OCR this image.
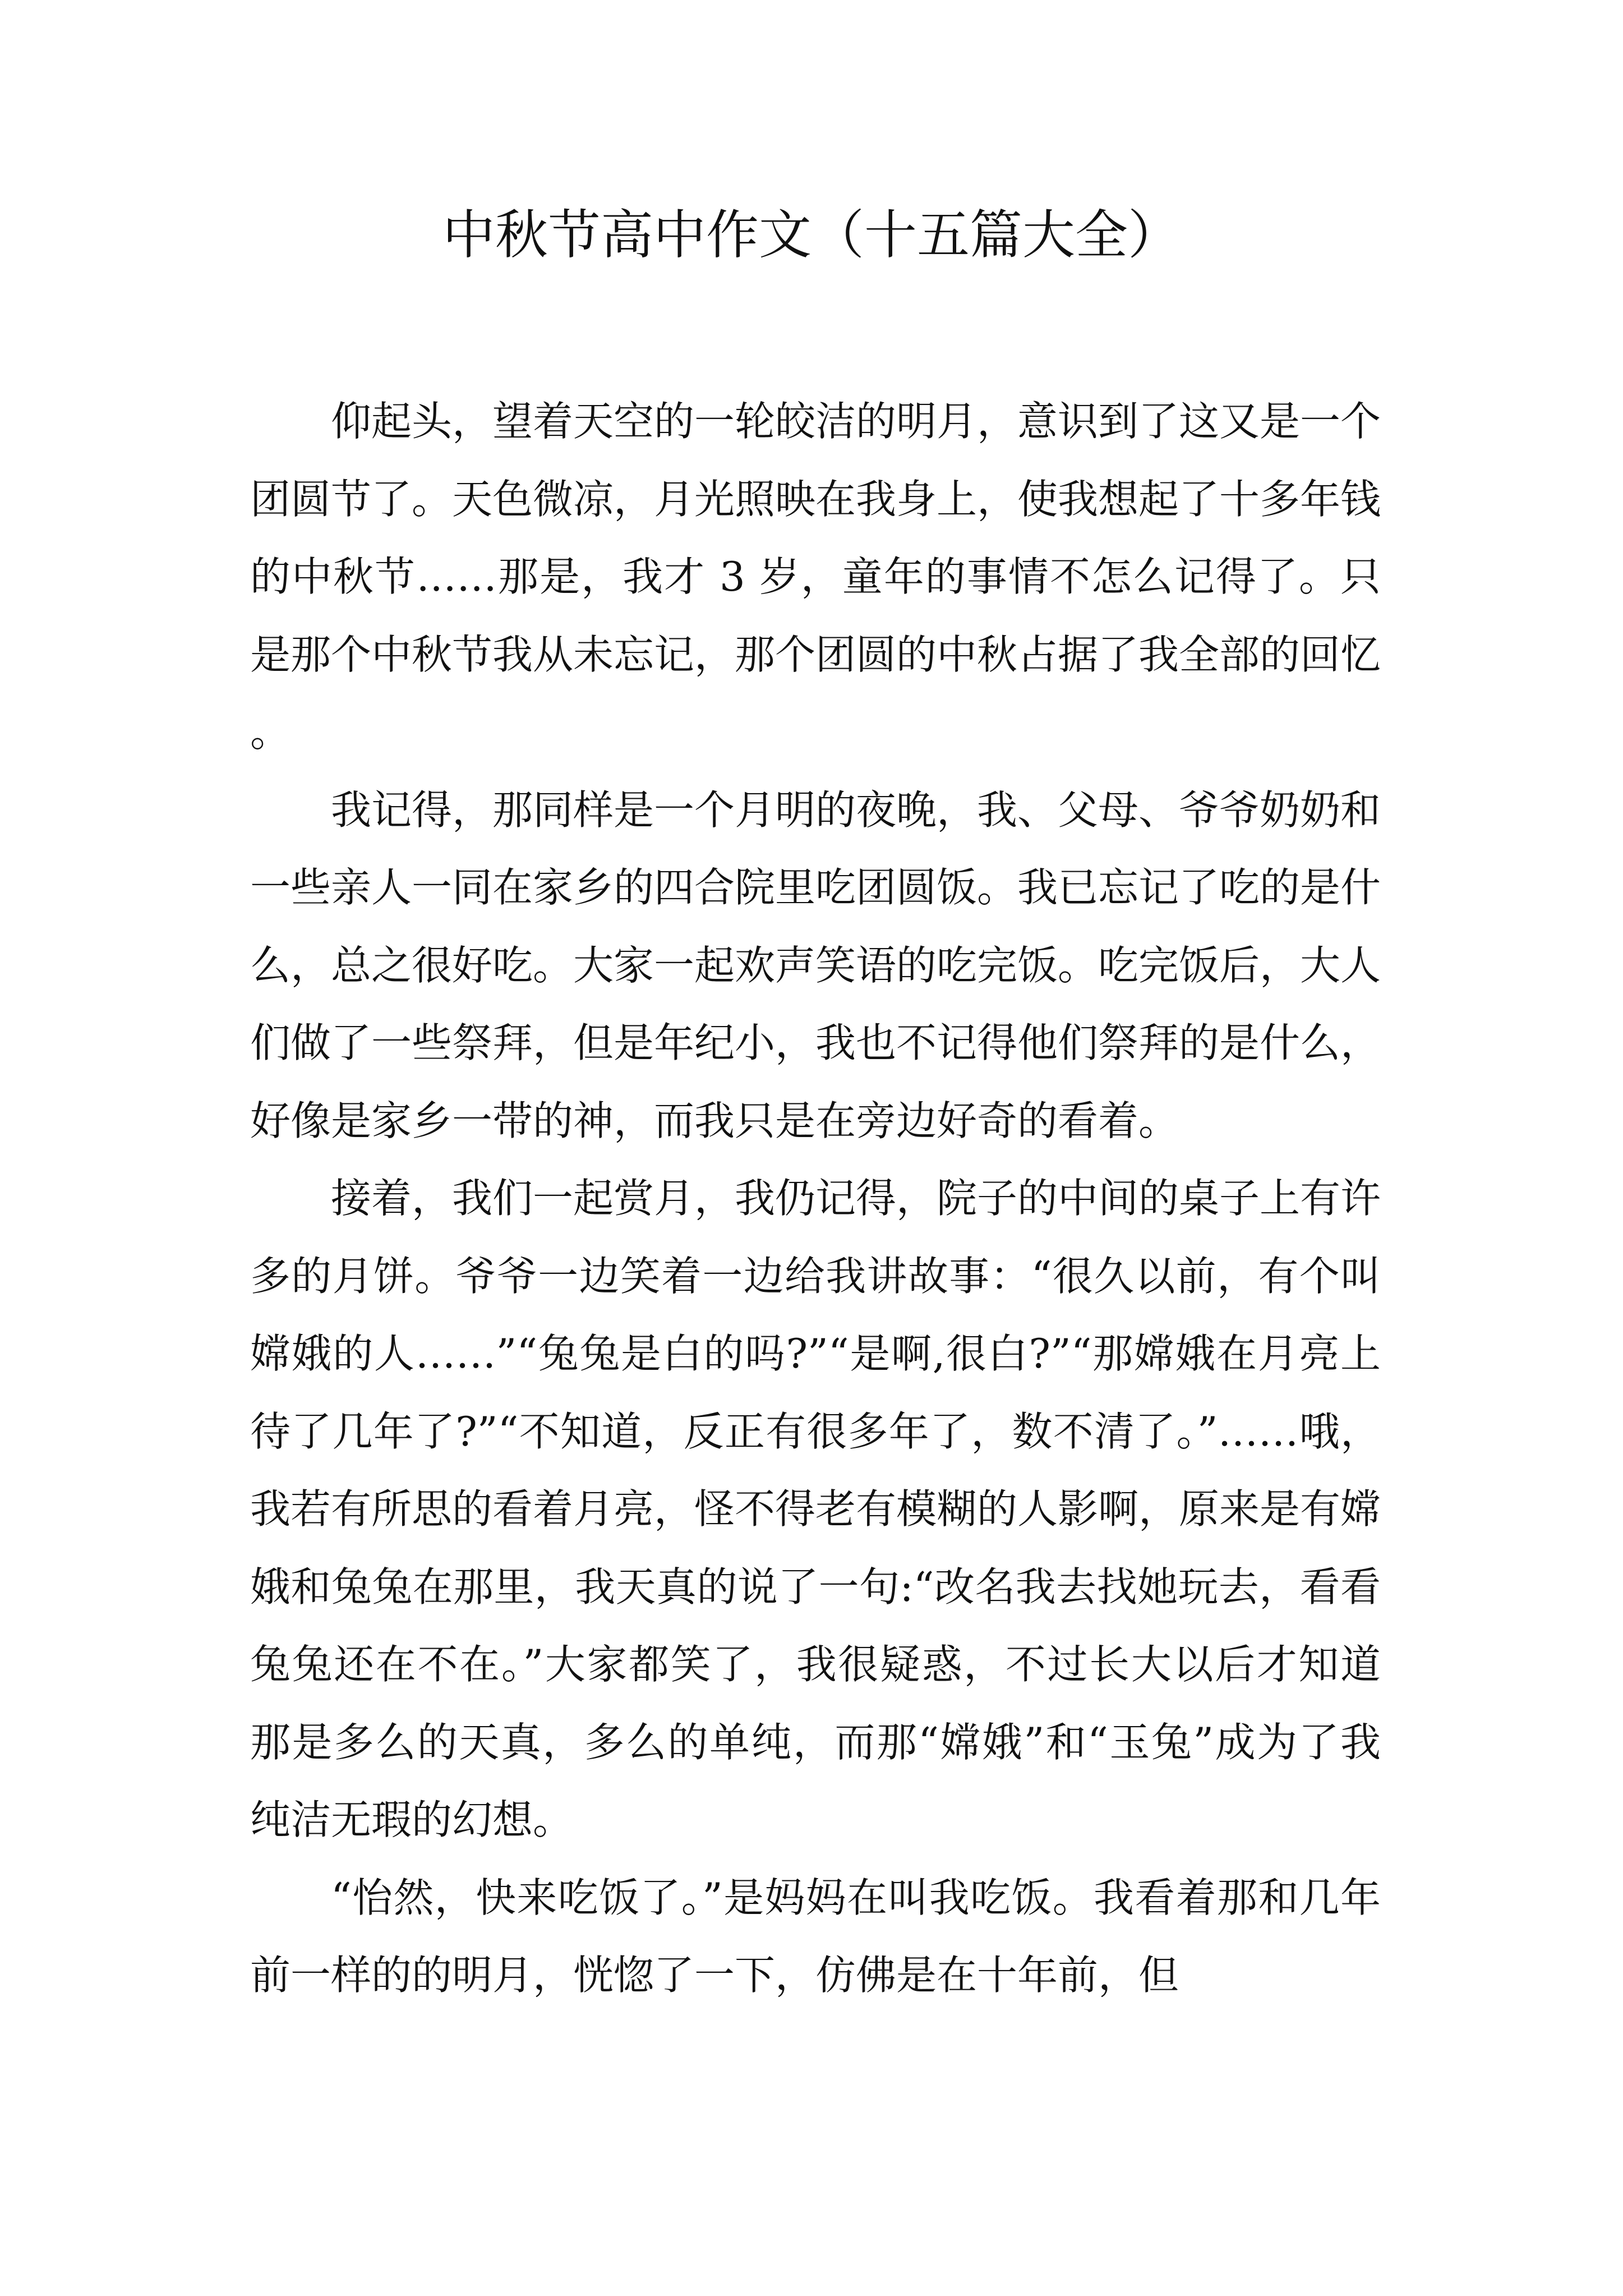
中秋节高中作文（十五篇大全）

仰起头，望着天空的一轮皎洁的明月，意识到了这又是一个团圆节了。天色微凉，月光照映在我身上，使我想起了十多年钱的中秋节……那是，我才 3 岁，童年的事情不怎么记得了。只是那个中秋节我从未忘记，那个团圆的中秋占据了我全部的回忆。

我记得，那同样是一个月明的夜晚，我、父母、爷爷奶奶和一些亲人一同在家乡的四合院里吃团圆饭。我已忘记了吃的是什么，总之很好吃。大家一起欢声笑语的吃完饭。吃完饭后，大人们做了一些祭拜，但是年纪小，我也不记得他们祭拜的是什么，好像是家乡一带的神，而我只是在旁边好奇的看着。

接着，我们一起赏月，我仍记得，院子的中间的桌子上有许多的月饼。爷爷一边笑着一边给我讲故事：“很久以前，有个叫嫦娥的人……”“兔兔是白的吗?”“是啊,很白?”“那嫦娥在月亮上待了几年了?”“不知道，反正有很多年了，数不清了。”……哦，我若有所思的看着月亮，怪不得老有模糊的人影啊，原来是有嫦娥和兔兔在那里，我天真的说了一句:“改名我去找她玩去，看看兔兔还在不在。”大家都笑了，我很疑惑，不过长大以后才知道那是多么的天真，多么的单纯，而那“嫦娥”和“玉兔”成为了我纯洁无瑕的幻想。

“怡然，快来吃饭了。”是妈妈在叫我吃饭。我看着那和几年前一样的的明月，恍惚了一下，仿佛是在十年前，但
